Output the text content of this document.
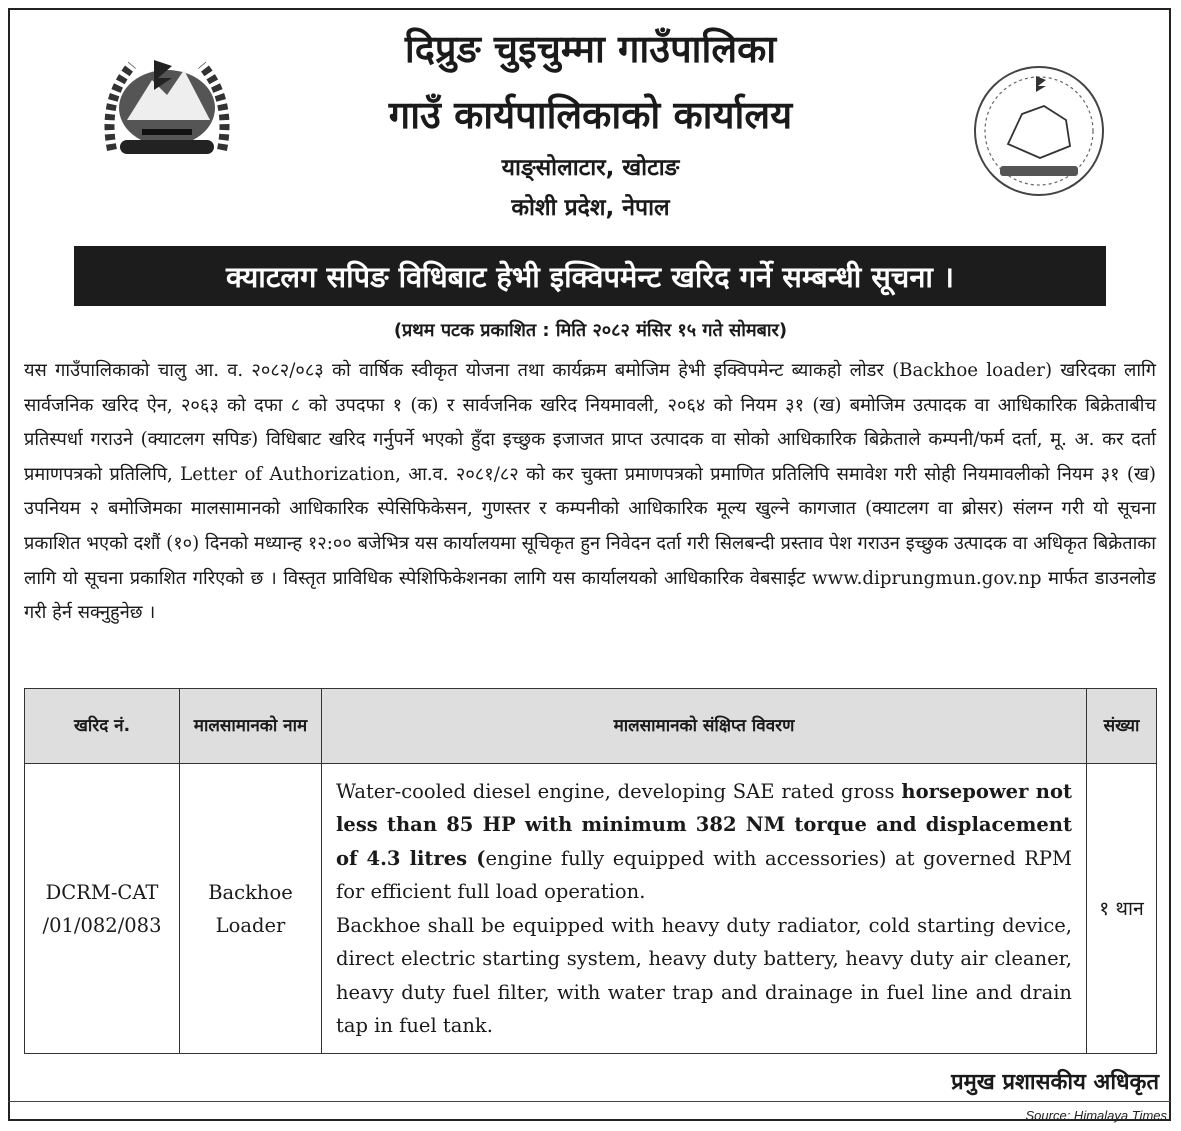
दिप्रुङ चुइचुम्मा गाउँपालिका
गाउँ कार्यपालिकाको कार्यालय
याङ्सोलाटार, खोटाङ
कोशी प्रदेश, नेपाल
क्याटलग सपिङ विधिबाट हेभी इक्विपमेन्ट खरिद गर्ने सम्बन्धी सूचना ।
(प्रथम पटक प्रकाशित : मिति २०८२ मंसिर १५ गते सोमबार)
यस गाउँपालिकाको चालु आ. व. २०८२/०८३ को वार्षिक स्वीकृत योजना तथा कार्यक्रम बमोजिम हेभी इक्विपमेन्ट ब्याकहो लोडर (Backhoe loader) खरिदका लागि सार्वजनिक खरिद ऐन, २०६३ को दफा ८ को उपदफा १ (क) र सार्वजनिक खरिद नियमावली, २०६४ को नियम ३१ (ख) बमोजिम उत्पादक वा आधिकारिक बिक्रेताबीच प्रतिस्पर्धा गराउने (क्याटलग सपिङ) विधिबाट खरिद गर्नुपर्ने भएको हुँदा इच्छुक इजाजत प्राप्त उत्पादक वा सोको आधिकारिक बिक्रेताले कम्पनी/फर्म दर्ता, मू. अ. कर दर्ता प्रमाणपत्रको प्रतिलिपि, Letter of Authorization, आ.व. २०८१/८२ को कर चुक्ता प्रमाणपत्रको प्रमाणित प्रतिलिपि समावेश गरी सोही नियमावलीको नियम ३१ (ख) उपनियम २ बमोजिमका मालसामानको आधिकारिक स्पेसिफिकेसन, गुणस्तर र कम्पनीको आधिकारिक मूल्य खुल्ने कागजात (क्याटलग वा ब्रोसर) संलग्न गरी यो सूचना प्रकाशित भएको दशौं (१०) दिनको मध्यान्ह १२:०० बजेभित्र यस कार्यालयमा सूचिकृत हुन निवेदन दर्ता गरी सिलबन्दी प्रस्ताव पेश गराउन इच्छुक उत्पादक वा अधिकृत बिक्रेताका लागि यो सूचना प्रकाशित गरिएको छ । विस्तृत प्राविधिक स्पेशिफिकेशनका लागि यस कार्यालयको आधिकारिक वेबसाईट www.diprungmun.gov.np मार्फत डाउनलोड गरी हेर्न सक्नुहुनेछ ।
खरिद नं.	मालसामानको नाम	मालसामानको संक्षिप्त विवरण	संख्या
DCRM-CAT /01/082/083	Backhoe Loader	Water-cooled diesel engine, developing SAE rated gross horsepower not less than 85 HP with minimum 382 NM torque and displacement of 4.3 litres (engine fully equipped with accessories) at governed RPM for efficient full load operation.

Backhoe shall be equipped with heavy duty radiator, cold starting device, direct electric starting system, heavy duty battery, heavy duty air cleaner, heavy duty fuel filter, with water trap and drainage in fuel line and drain tap in fuel tank.	१ थान
प्रमुख प्रशासकीय अधिकृत
Source: Himalaya Times
